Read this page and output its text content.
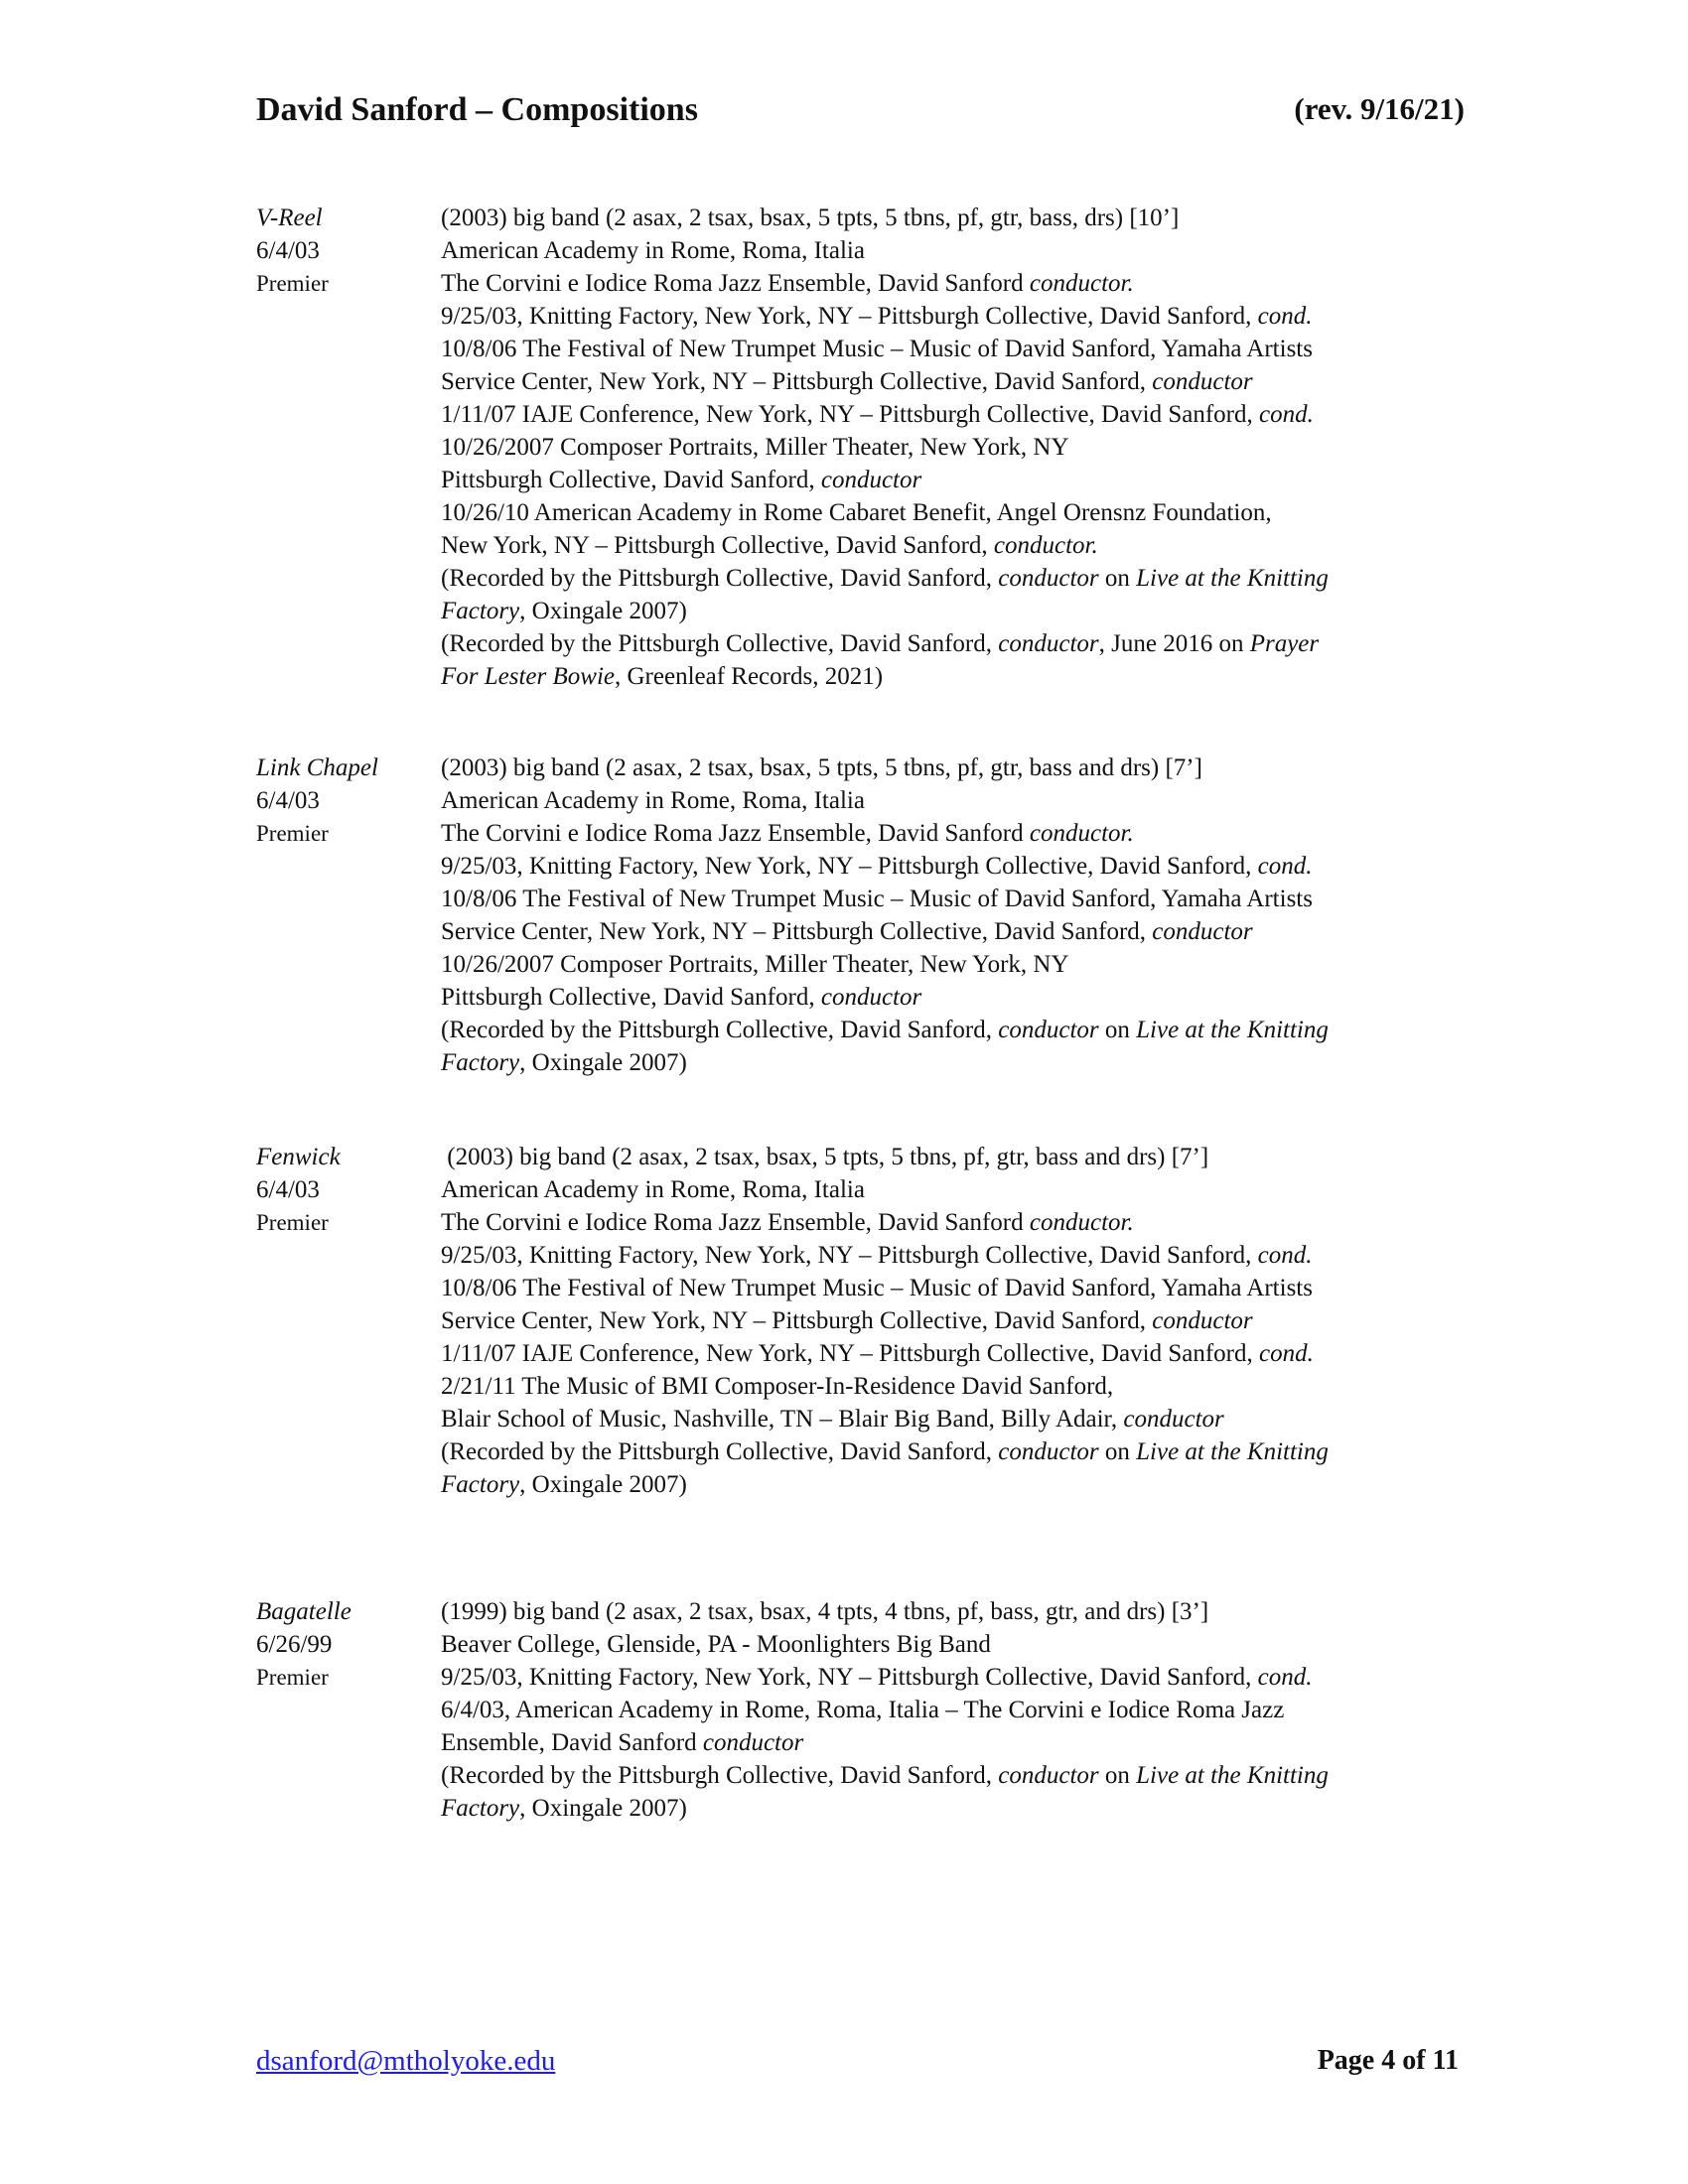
David Sanford – Compositions	(rev. 9/16/21)
V-Reel
6/4/03
Premier
(2003) big band (2 asax, 2 tsax, bsax, 5 tpts, 5 tbns, pf, gtr, bass, drs) [10’]
American Academy in Rome, Roma, Italia
The Corvini e Iodice Roma Jazz Ensemble, David Sanford conductor.
9/25/03, Knitting Factory, New York, NY – Pittsburgh Collective, David Sanford, cond.
10/8/06 The Festival of New Trumpet Music – Music of David Sanford, Yamaha Artists
Service Center, New York, NY – Pittsburgh Collective, David Sanford, conductor
1/11/07 IAJE Conference, New York, NY – Pittsburgh Collective, David Sanford, cond.
10/26/2007 Composer Portraits, Miller Theater, New York, NY
Pittsburgh Collective, David Sanford, conductor
10/26/10 American Academy in Rome Cabaret Benefit, Angel Orensnz Foundation,
New York, NY – Pittsburgh Collective, David Sanford, conductor.
(Recorded by the Pittsburgh Collective, David Sanford, conductor on Live at the Knitting
Factory, Oxingale 2007)
(Recorded by the Pittsburgh Collective, David Sanford, conductor, June 2016 on Prayer
For Lester Bowie, Greenleaf Records, 2021)
Link Chapel
6/4/03
Premier
(2003) big band (2 asax, 2 tsax, bsax, 5 tpts, 5 tbns, pf, gtr, bass and drs) [7’]
American Academy in Rome, Roma, Italia
The Corvini e Iodice Roma Jazz Ensemble, David Sanford conductor.
9/25/03, Knitting Factory, New York, NY – Pittsburgh Collective, David Sanford, cond.
10/8/06 The Festival of New Trumpet Music – Music of David Sanford, Yamaha Artists
Service Center, New York, NY – Pittsburgh Collective, David Sanford, conductor
10/26/2007 Composer Portraits, Miller Theater, New York, NY
Pittsburgh Collective, David Sanford, conductor
(Recorded by the Pittsburgh Collective, David Sanford, conductor on Live at the Knitting
Factory, Oxingale 2007)
Fenwick
6/4/03
Premier
(2003) big band (2 asax, 2 tsax, bsax, 5 tpts, 5 tbns, pf, gtr, bass and drs) [7’]
American Academy in Rome, Roma, Italia
The Corvini e Iodice Roma Jazz Ensemble, David Sanford conductor.
9/25/03, Knitting Factory, New York, NY – Pittsburgh Collective, David Sanford, cond.
10/8/06 The Festival of New Trumpet Music – Music of David Sanford, Yamaha Artists
Service Center, New York, NY – Pittsburgh Collective, David Sanford, conductor
1/11/07 IAJE Conference, New York, NY – Pittsburgh Collective, David Sanford, cond.
2/21/11 The Music of BMI Composer-In-Residence David Sanford,
Blair School of Music, Nashville, TN – Blair Big Band, Billy Adair, conductor
(Recorded by the Pittsburgh Collective, David Sanford, conductor on Live at the Knitting
Factory, Oxingale 2007)
Bagatelle
6/26/99
Premier
(1999) big band (2 asax, 2 tsax, bsax, 4 tpts, 4 tbns, pf, bass, gtr, and drs) [3’]
Beaver College, Glenside, PA - Moonlighters Big Band
9/25/03, Knitting Factory, New York, NY – Pittsburgh Collective, David Sanford, cond.
6/4/03, American Academy in Rome, Roma, Italia – The Corvini e Iodice Roma Jazz
Ensemble, David Sanford conductor
(Recorded by the Pittsburgh Collective, David Sanford, conductor on Live at the Knitting
Factory, Oxingale 2007)
dsanford@mtholyoke.edu	Page 4 of 11
